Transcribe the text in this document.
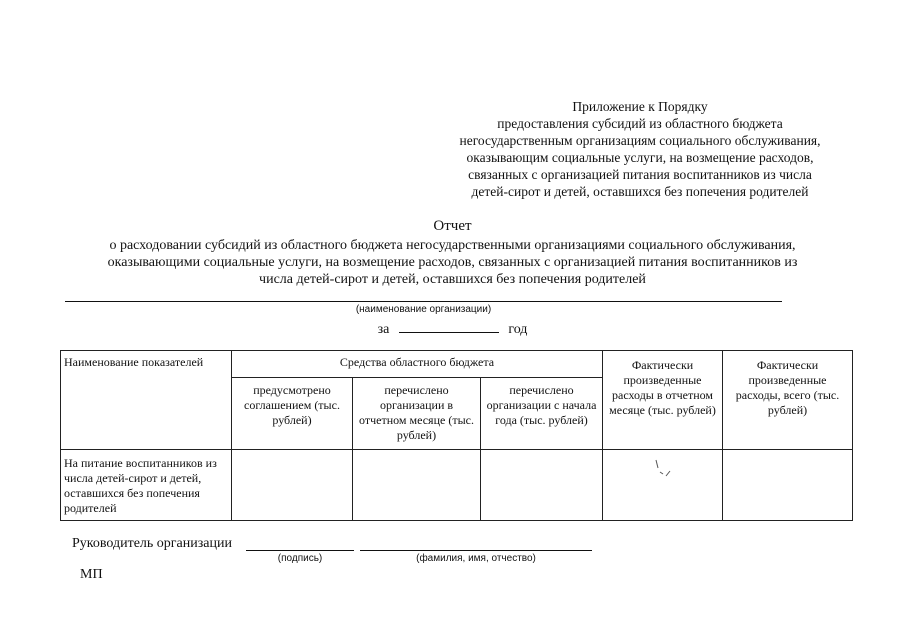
Приложение к Порядку
предоставления субсидий из областного бюджета
негосударственным организациям социального обслуживания,
оказывающим социальные услуги, на возмещение расходов,
связанных с организацией питания воспитанников из числа
детей-сирот и детей, оставшихся без попечения родителей
Отчет
о расходовании субсидий из областного бюджета негосударственными организациями социального обслуживания,
оказывающими социальные услуги, на возмещение расходов, связанных с организацией питания воспитанников из
числа детей-сирот и детей, оставшихся без попечения родителей
(наименование организации)
за	год
Наименование показателей	Средства областного бюджета			Фактически произведенные расходы в отчетном месяце (тыс. рублей)	Фактически произведенные расходы, всего (тыс. рублей)
	предусмотрено соглашением (тыс. рублей)	перечислено организации в отчетном месяце (тыс. рублей)	перечислено организации с начала года (тыс. рублей)		
На питание воспитанников из числа детей-сирот и детей, оставшихся без попечения родителей					
Руководитель организации
(подпись)	(фамилия, имя, отчество)
МП
